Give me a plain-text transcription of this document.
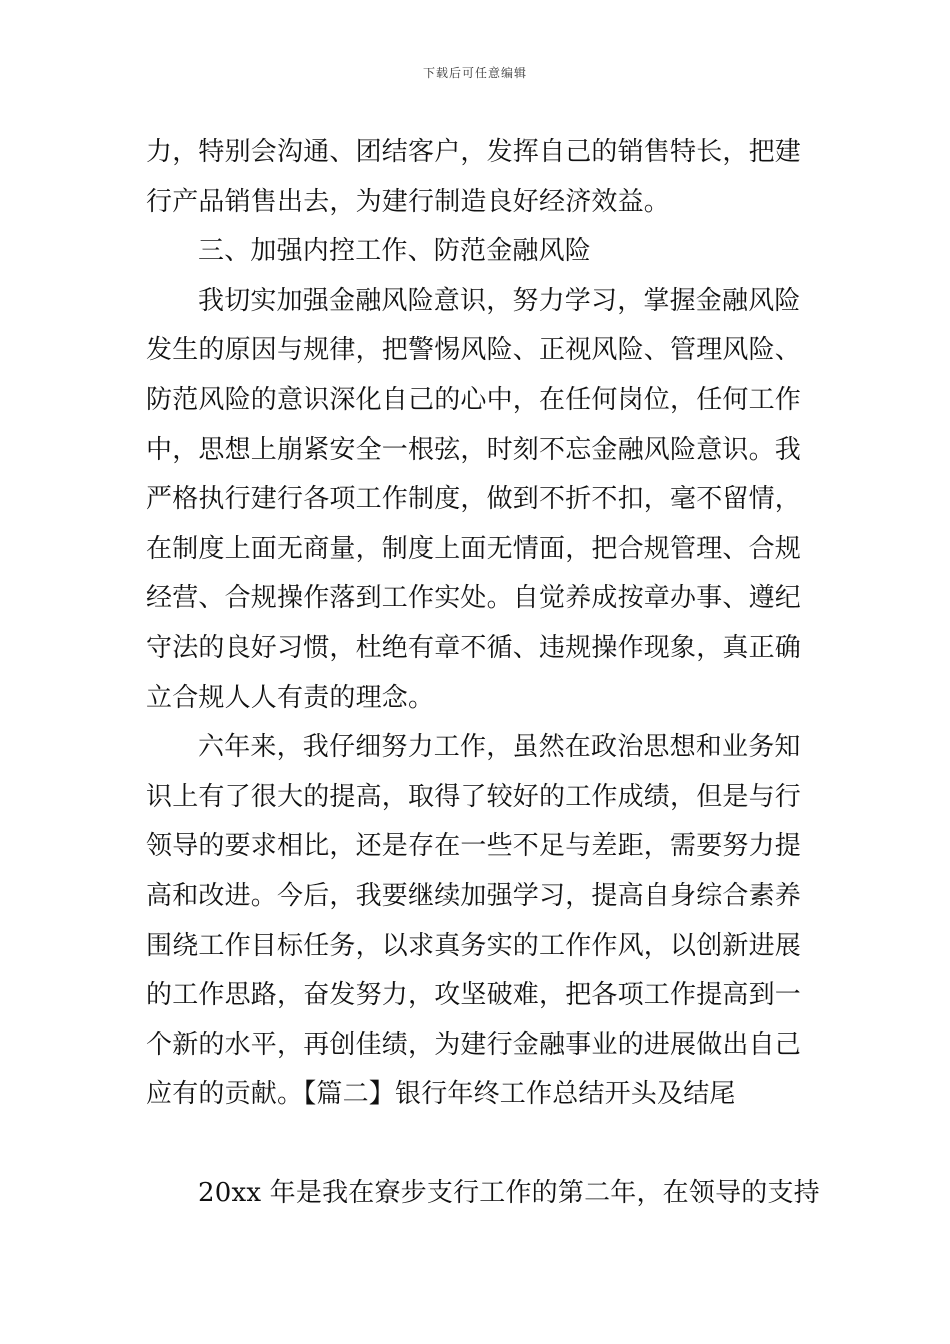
下载后可任意编辑
力，特别会沟通、团结客户，发挥自己的销售特长，把建
行产品销售出去，为建行制造良好经济效益。
三、加强内控工作、防范金融风险
我切实加强金融风险意识，努力学习，掌握金融风险
发生的原因与规律，把警惕风险、正视风险、管理风险、
防范风险的意识深化自己的心中，在任何岗位，任何工作
中，思想上崩紧安全一根弦，时刻不忘金融风险意识。我
严格执行建行各项工作制度，做到不折不扣，毫不留情，
在制度上面无商量，制度上面无情面，把合规管理、合规
经营、合规操作落到工作实处。自觉养成按章办事、遵纪
守法的良好习惯，杜绝有章不循、违规操作现象，真正确
立合规人人有责的理念。
六年来，我仔细努力工作，虽然在政治思想和业务知
识上有了很大的提高，取得了较好的工作成绩，但是与行
领导的要求相比，还是存在一些不足与差距，需要努力提
高和改进。今后，我要继续加强学习，提高自身综合素养
围绕工作目标任务，以求真务实的工作作风，以创新进展
的工作思路，奋发努力，攻坚破难，把各项工作提高到一
个新的水平，再创佳绩，为建行金融事业的进展做出自己
应有的贡献。【篇二】银行年终工作总结开头及结尾
20xx 年是我在寮步支行工作的第二年，在领导的支持
